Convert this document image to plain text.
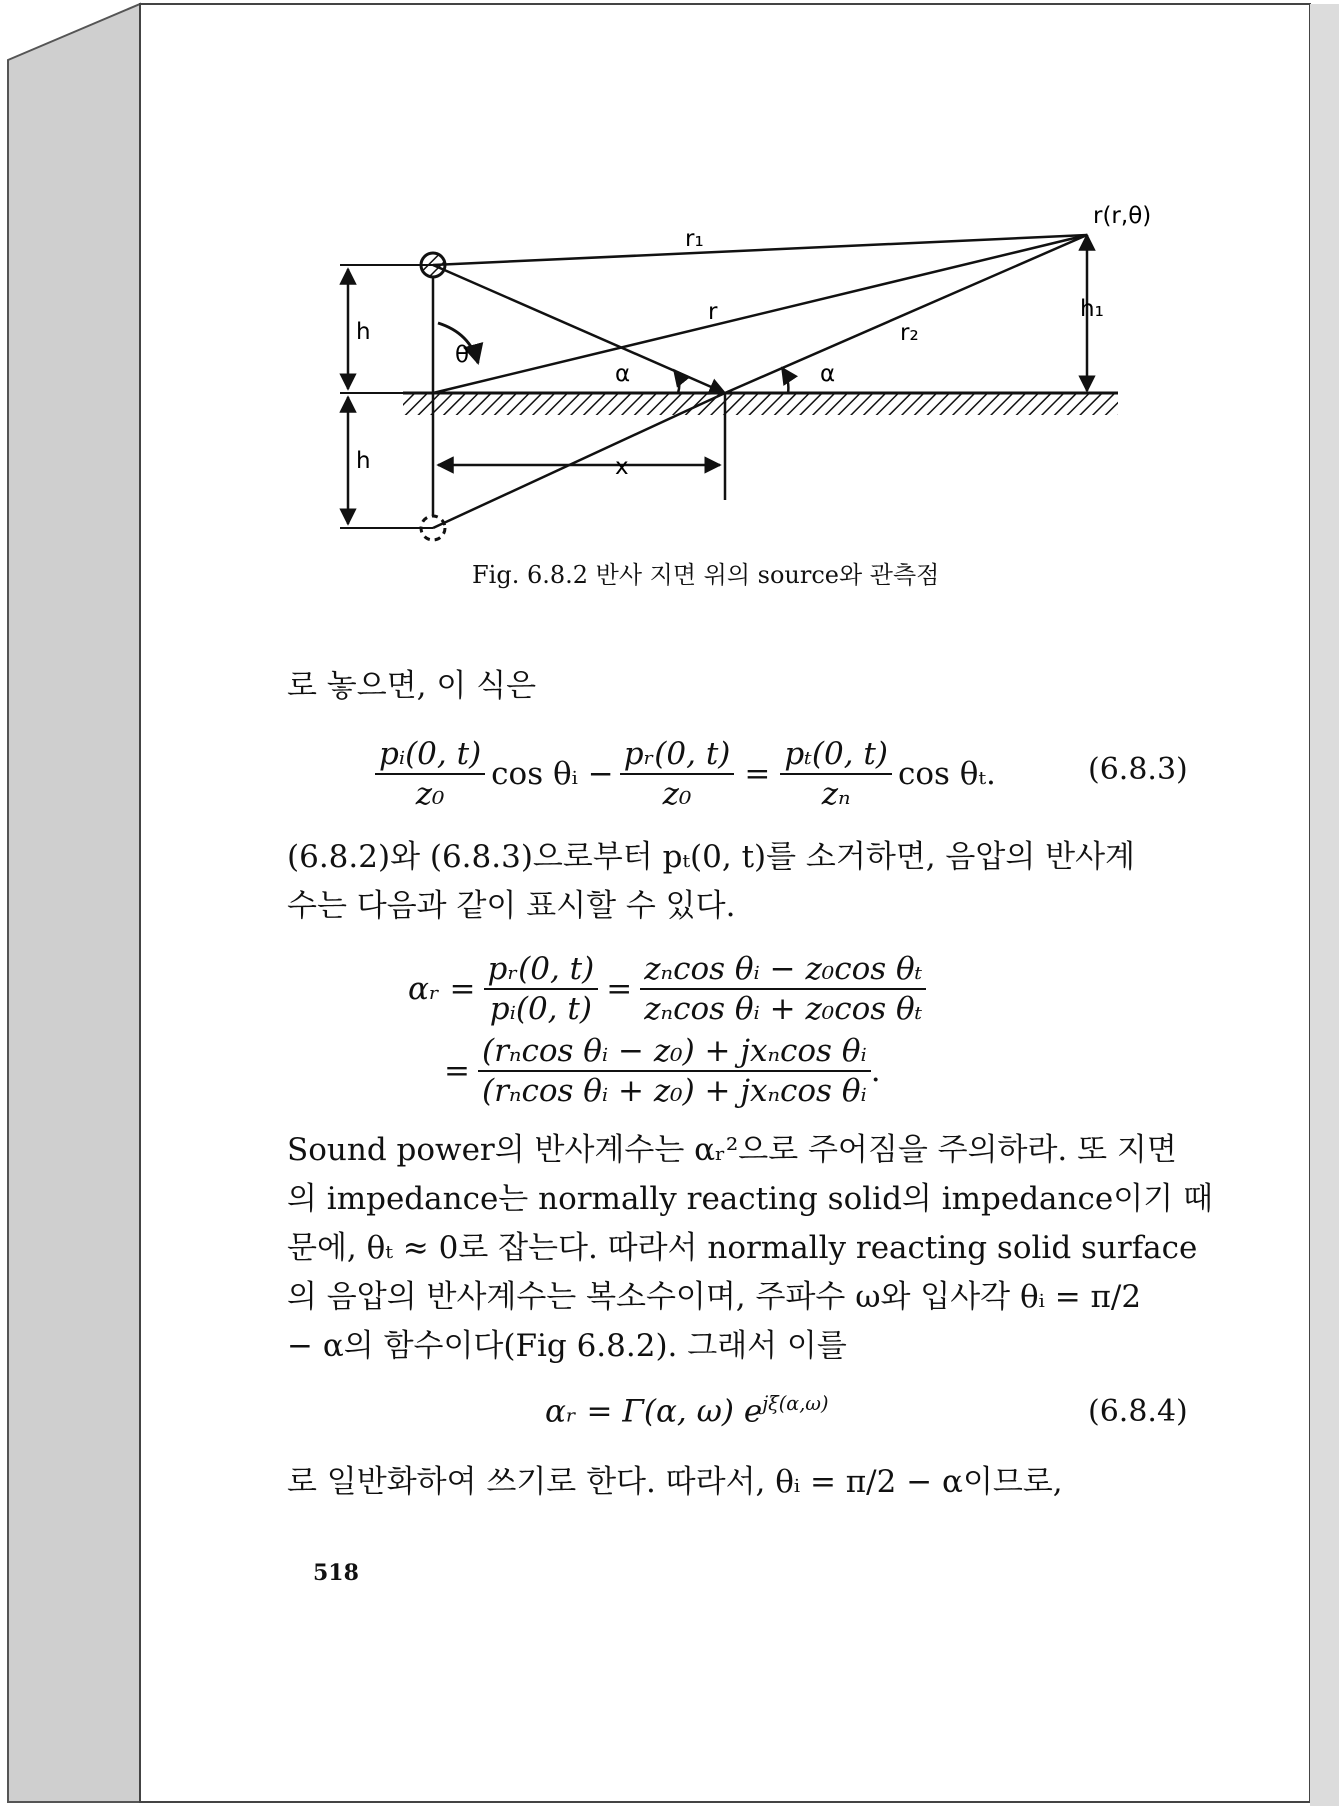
r₁
r
r₂
r(r,θ)
h₁
h
h
θ
α	α
x
Fig. 6.8.2 반사 지면 위의 source와 관측점
로 놓으면, 이 식은
$\frac{\text{pᵢ(0, t)}}{\text{z₀}}$ cos θᵢ − $\frac{\text{pᵣ(0, t)}}{\text{z₀}} = \frac{\text{pₜ(0, t)}}{\text{zₙ}}$ cos θₜ.	(6.8.3)
(6.8.2)와 (6.8.3)으로부터 pₜ(0, t)를 소거하면, 음압의 반사계
수는 다음과 같이 표시할 수 있다.
αᵣ = $\frac{\text{pᵣ(0, t)}}{\text{pᵢ(0, t)}} = \frac{\text{zₙcos θᵢ − z₀cos θₜ}}{\text{zₙcos θᵢ + z₀cos θₜ}}$
= $\frac{\text{(rₙcos θᵢ − z₀) + jxₙcos θᵢ}}{\text{(rₙcos θᵢ + z₀) + jxₙcos θᵢ}}$ .
Sound power의 반사계수는 αᵣ²으로 주어짐을 주의하라. 또 지면
의 impedance는 normally reacting solid의 impedance이기 때
문에, θₜ ≈ 0로 잡는다. 따라서 normally reacting solid surface
의 음압의 반사계수는 복소수이며, 주파수 ω와 입사각 θᵢ = π/2
− α의 함수이다(Fig 6.8.2). 그래서 이를
αᵣ = Γ(α, ω) $e^{j\xi(\alpha,\omega)}$	(6.8.4)
로 일반화하여 쓰기로 한다. 따라서, θᵢ = π/2 − α이므로,
518
